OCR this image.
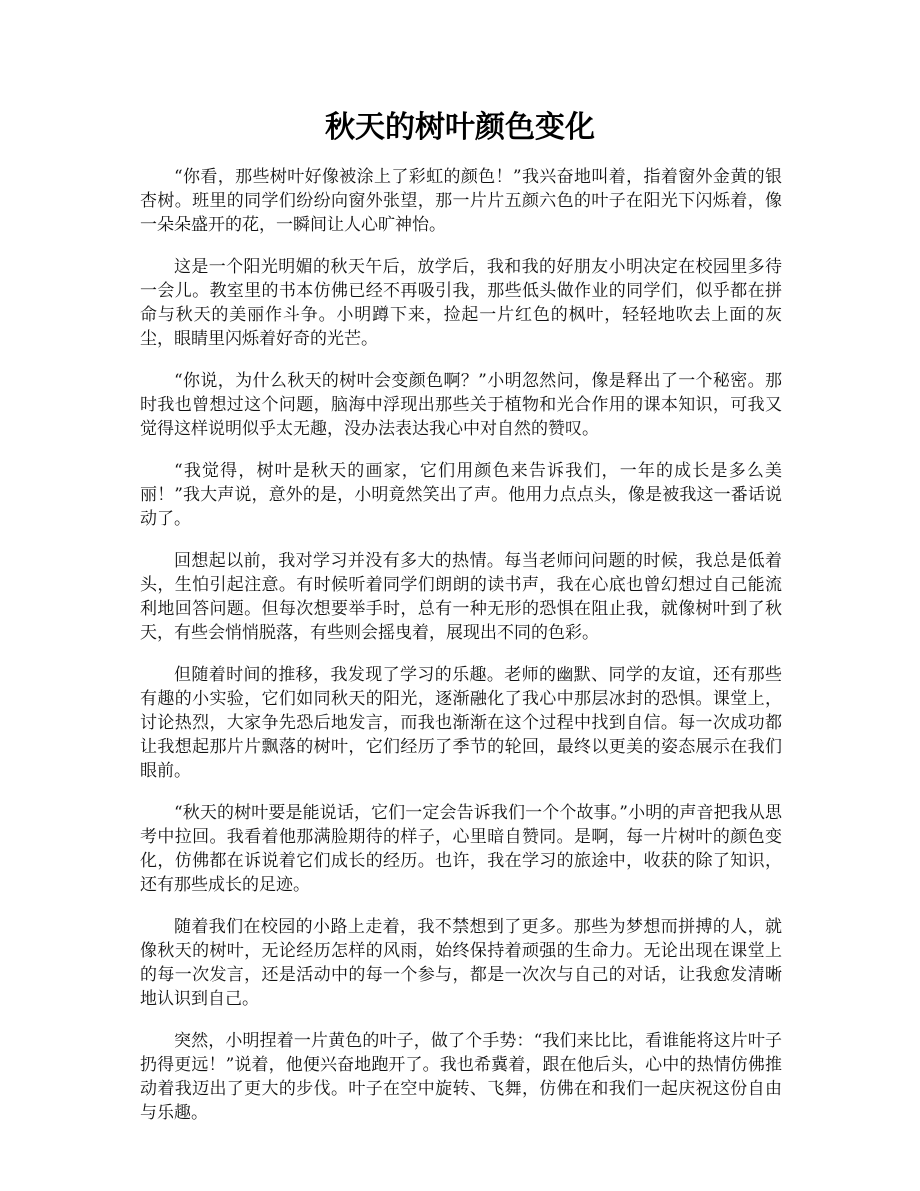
秋天的树叶颜色变化

“你看，那些树叶好像被涂上了彩虹的颜色！”我兴奋地叫着，指着窗外金黄的银杏树。班里的同学们纷纷向窗外张望，那一片片五颜六色的叶子在阳光下闪烁着，像一朵朵盛开的花，一瞬间让人心旷神怡。

这是一个阳光明媚的秋天午后，放学后，我和我的好朋友小明决定在校园里多待一会儿。教室里的书本仿佛已经不再吸引我，那些低头做作业的同学们，似乎都在拼命与秋天的美丽作斗争。小明蹲下来，捡起一片红色的枫叶，轻轻地吹去上面的灰尘，眼睛里闪烁着好奇的光芒。

“你说，为什么秋天的树叶会变颜色啊？”小明忽然问，像是释出了一个秘密。那时我也曾想过这个问题，脑海中浮现出那些关于植物和光合作用的课本知识，可我又觉得这样说明似乎太无趣，没办法表达我心中对自然的赞叹。

“我觉得，树叶是秋天的画家，它们用颜色来告诉我们，一年的成长是多么美丽！”我大声说，意外的是，小明竟然笑出了声。他用力点点头，像是被我这一番话说动了。

回想起以前，我对学习并没有多大的热情。每当老师问问题的时候，我总是低着头，生怕引起注意。有时候听着同学们朗朗的读书声，我在心底也曾幻想过自己能流利地回答问题。但每次想要举手时，总有一种无形的恐惧在阻止我，就像树叶到了秋天，有些会悄悄脱落，有些则会摇曳着，展现出不同的色彩。

但随着时间的推移，我发现了学习的乐趣。老师的幽默、同学的友谊，还有那些有趣的小实验，它们如同秋天的阳光，逐渐融化了我心中那层冰封的恐惧。课堂上，讨论热烈，大家争先恐后地发言，而我也渐渐在这个过程中找到自信。每一次成功都让我想起那片片飘落的树叶，它们经历了季节的轮回，最终以更美的姿态展示在我们眼前。

“秋天的树叶要是能说话，它们一定会告诉我们一个个故事。”小明的声音把我从思考中拉回。我看着他那满脸期待的样子，心里暗自赞同。是啊，每一片树叶的颜色变化，仿佛都在诉说着它们成长的经历。也许，我在学习的旅途中，收获的除了知识，还有那些成长的足迹。

随着我们在校园的小路上走着，我不禁想到了更多。那些为梦想而拼搏的人，就像秋天的树叶，无论经历怎样的风雨，始终保持着顽强的生命力。无论出现在课堂上的每一次发言，还是活动中的每一个参与，都是一次次与自己的对话，让我愈发清晰地认识到自己。

突然，小明捏着一片黄色的叶子，做了个手势：“我们来比比，看谁能将这片叶子扔得更远！”说着，他便兴奋地跑开了。我也希冀着，跟在他后头，心中的热情仿佛推动着我迈出了更大的步伐。叶子在空中旋转、飞舞，仿佛在和我们一起庆祝这份自由与乐趣。
